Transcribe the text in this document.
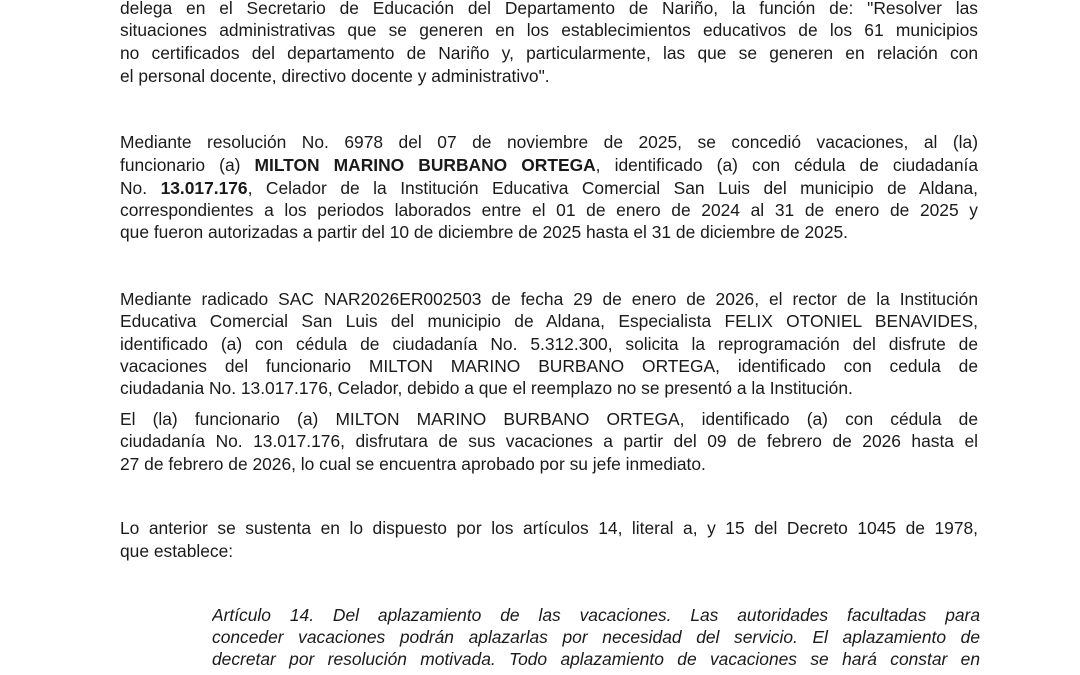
delega en el Secretario de Educación del Departamento de Nariño, la función de: "Resolver las
situaciones administrativas que se generen en los establecimientos educativos de los 61 municipios
no certificados del departamento de Nariño y, particularmente, las que se generen en relación con
el personal docente, directivo docente y administrativo".
Mediante resolución No. 6978 del 07 de noviembre de 2025, se concedió vacaciones, al (la)
funcionario (a) MILTON MARINO BURBANO ORTEGA, identificado (a) con cédula de ciudadanía
No. 13.017.176, Celador de la Institución Educativa Comercial San Luis del municipio de Aldana,
correspondientes a los periodos laborados entre el 01 de enero de 2024 al 31 de enero de 2025 y
que fueron autorizadas a partir del 10 de diciembre de 2025 hasta el 31 de diciembre de 2025.
Mediante radicado SAC NAR2026ER002503 de fecha 29 de enero de 2026, el rector de la Institución
Educativa Comercial San Luis del municipio de Aldana, Especialista FELIX OTONIEL BENAVIDES,
identificado (a) con cédula de ciudadanía No. 5.312.300, solicita la reprogramación del disfrute de
vacaciones del funcionario MILTON MARINO BURBANO ORTEGA, identificado con cedula de
ciudadania No. 13.017.176, Celador, debido a que el reemplazo no se presentó a la Institución.
El (la) funcionario (a) MILTON MARINO BURBANO ORTEGA, identificado (a) con cédula de
ciudadanía No. 13.017.176, disfrutara de sus vacaciones a partir del 09 de febrero de 2026 hasta el
27 de febrero de 2026, lo cual se encuentra aprobado por su jefe inmediato.
Lo anterior se sustenta en lo dispuesto por los artículos 14, literal a, y 15 del Decreto 1045 de 1978,
que establece:
Artículo 14. Del aplazamiento de las vacaciones. Las autoridades facultadas para
conceder vacaciones podrán aplazarlas por necesidad del servicio. El aplazamiento de
decretar por resolución motivada. Todo aplazamiento de vacaciones se hará constar en
